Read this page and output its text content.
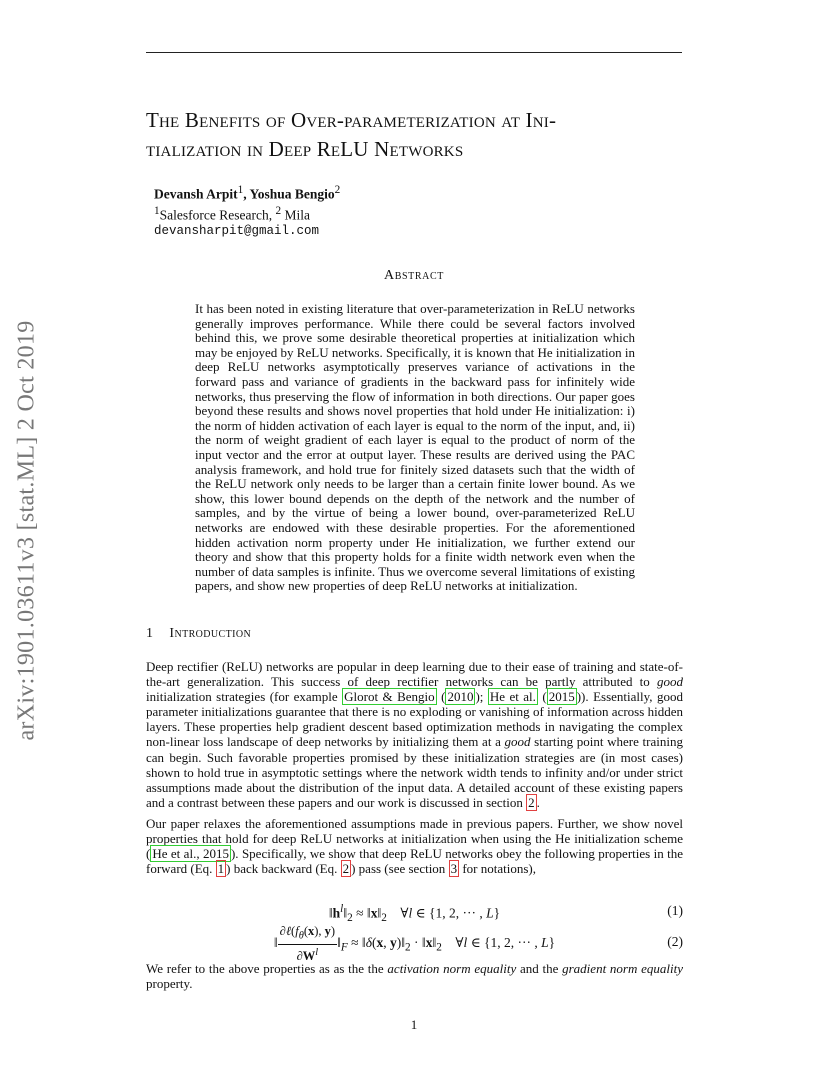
arXiv:1901.03611v3 [stat.ML] 2 Oct 2019
The Benefits of Over-parameterization at Ini-
tialization in Deep ReLU Networks
Devansh Arpit$^1$, Yoshua Bengio$^2$
$^1$Salesforce Research, $^2$ Mila
devansharpit@gmail.com
Abstract
It has been noted in existing literature that over-parameterization in ReLU networks generally improves performance. While there could be several factors involved behind this, we prove some desirable theoretical properties at initialization which may be enjoyed by ReLU networks. Specifically, it is known that He initialization in deep ReLU networks asymptotically preserves variance of activations in the forward pass and variance of gradients in the backward pass for infinitely wide networks, thus preserving the flow of information in both directions. Our paper goes beyond these results and shows novel properties that hold under He initialization: i) the norm of hidden activation of each layer is equal to the norm of the input, and, ii) the norm of weight gradient of each layer is equal to the product of norm of the input vector and the error at output layer. These results are derived using the PAC analysis framework, and hold true for finitely sized datasets such that the width of the ReLU network only needs to be larger than a certain finite lower bound. As we show, this lower bound depends on the depth of the network and the number of samples, and by the virtue of being a lower bound, over-parameterized ReLU networks are endowed with these desirable properties. For the aforementioned hidden activation norm property under He initialization, we further extend our theory and show that this property holds for a finite width network even when the number of data samples is infinite. Thus we overcome several limitations of existing papers, and show new properties of deep ReLU networks at initialization.
1 Introduction
Deep rectifier (ReLU) networks are popular in deep learning due to their ease of training and state-of-the-art generalization. This success of deep rectifier networks can be partly attributed to good initialization strategies (for example Glorot & Bengio ( 2010 ); He et al. ( 2015 )). Essentially, good parameter initializations guarantee that there is no exploding or vanishing of information across hidden layers. These properties help gradient descent based optimization methods in navigating the complex non-linear loss landscape of deep networks by initializing them at a good starting point where training can begin. Such favorable properties promised by these initialization strategies are (in most cases) shown to hold true in asymptotic settings where the network width tends to infinity and/or under strict assumptions made about the distribution of the input data. A detailed account of these existing papers and a contrast between these papers and our work is discussed in section 2 .
Our paper relaxes the aforementioned assumptions made in previous papers. Further, we show novel properties that hold for deep ReLU networks at initialization when using the He initialization scheme ( He et al., 2015 ). Specifically, we show that deep ReLU networks obey the following properties in the forward (Eq. 1 ) back backward (Eq. 2 ) pass (see section 3 for notations),
$‖h^l‖_2$ ≈ $‖x‖_2$    ∀l ∈ {1, 2, ··· , L}	(1)
‖ $\frac{\partial\ell(f_\theta(x), y)}{\partial W^l}$ $‖_F$ ≈ ‖δ(x, $y)‖_2$ · $‖x‖_2$    ∀l ∈ {1, 2, ··· , L}	(2)
We refer to the above properties as as the the activation norm equality and the gradient norm equality property.
1
